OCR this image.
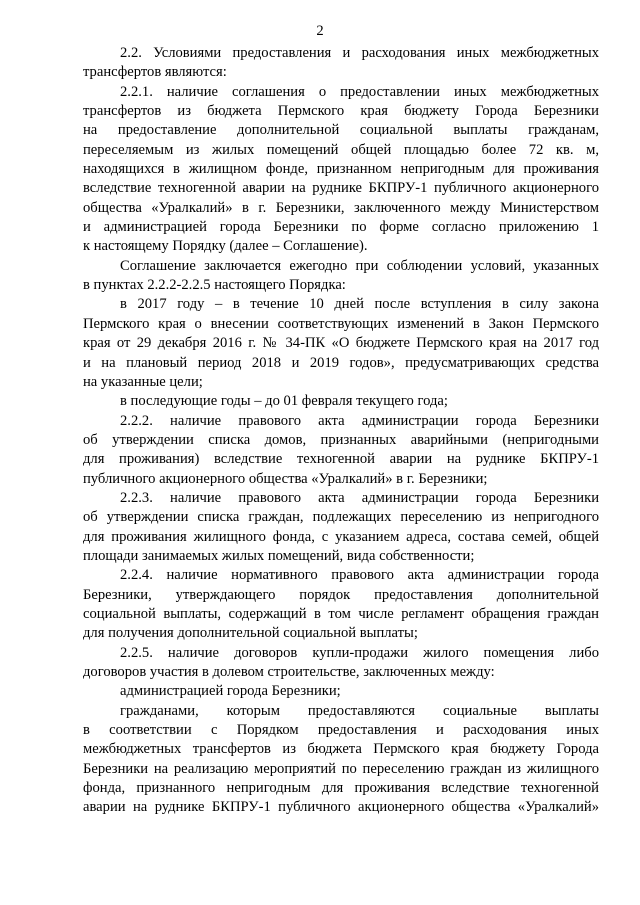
2
2.2. Условиями предоставления и расходования иных межбюджетных
трансфертов являются:
2.2.1. наличие соглашения о предоставлении иных межбюджетных
трансфертов из бюджета Пермского края бюджету Города Березники
на предоставление дополнительной социальной выплаты гражданам,
переселяемым из жилых помещений общей площадью более 72 кв. м,
находящихся в жилищном фонде, признанном непригодным для проживания
вследствие техногенной аварии на руднике БКПРУ-1 публичного акционерного
общества «Уралкалий» в г. Березники, заключенного между Министерством
и администрацией города Березники по форме согласно приложению 1
к настоящему Порядку (далее – Соглашение).
Соглашение заключается ежегодно при соблюдении условий, указанных
в пунктах 2.2.2-2.2.5 настоящего Порядка:
в 2017 году – в течение 10 дней после вступления в силу закона
Пермского края о внесении соответствующих изменений в Закон Пермского
края от 29 декабря 2016 г. № 34-ПК «О бюджете Пермского края на 2017 год
и на плановый период 2018 и 2019 годов», предусматривающих средства
на указанные цели;
в последующие годы – до 01 февраля текущего года;
2.2.2. наличие правового акта администрации города Березники
об утверждении списка домов, признанных аварийными (непригодными
для проживания) вследствие техногенной аварии на руднике БКПРУ-1
публичного акционерного общества «Уралкалий» в г. Березники;
2.2.3. наличие правового акта администрации города Березники
об утверждении списка граждан, подлежащих переселению из непригодного
для проживания жилищного фонда, с указанием адреса, состава семей, общей
площади занимаемых жилых помещений, вида собственности;
2.2.4. наличие нормативного правового акта администрации города
Березники, утверждающего порядок предоставления дополнительной
социальной выплаты, содержащий в том числе регламент обращения граждан
для получения дополнительной социальной выплаты;
2.2.5. наличие договоров купли-продажи жилого помещения либо
договоров участия в долевом строительстве, заключенных между:
администрацией города Березники;
гражданами, которым предоставляются социальные выплаты
в соответствии с Порядком предоставления и расходования иных
межбюджетных трансфертов из бюджета Пермского края бюджету Города
Березники на реализацию мероприятий по переселению граждан из жилищного
фонда, признанного непригодным для проживания вследствие техногенной
аварии на руднике БКПРУ-1 публичного акционерного общества «Уралкалий»
